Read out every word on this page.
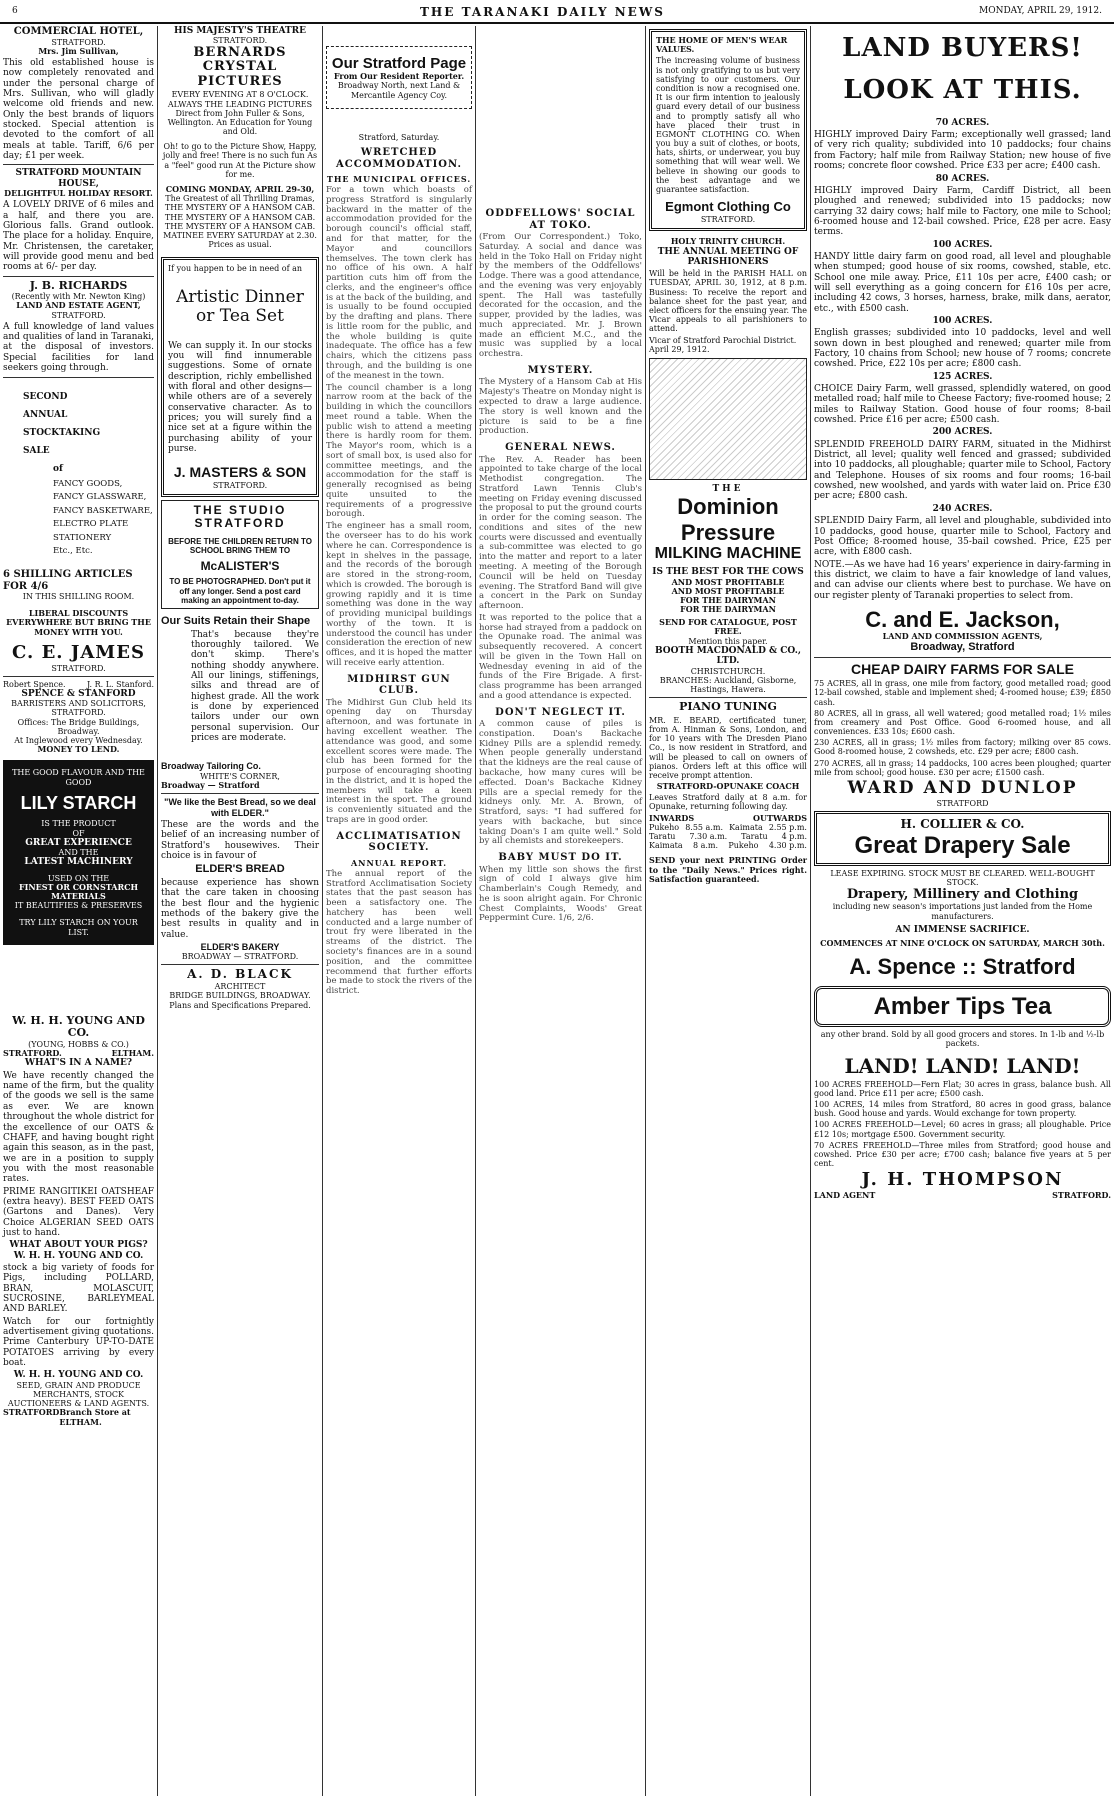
6	THE TARANAKI DAILY NEWS	MONDAY, APRIL 29, 1912.
COMMERCIAL HOTEL,
STRATFORD.
Mrs. Jim Sullivan,
This old established house is now completely renovated and under the personal charge of Mrs. Sullivan, who will gladly welcome old friends and new. Only the best brands of liquors stocked. Special attention is devoted to the comfort of all meals at table. Tariff, 6/6 per day; £1 per week.
STRATFORD MOUNTAIN HOUSE,
DELIGHTFUL HOLIDAY RESORT.
A LOVELY DRIVE of 6 miles and a half, and there you are. Glorious falls. Grand outlook. The place for a holiday. Enquire, Mr. Christensen, the caretaker, will provide good menu and bed rooms at 6/- per day.
J. B. RICHARDS
(Recently with Mr. Newton King)
LAND AND ESTATE AGENT,
STRATFORD.
A full knowledge of land values and qualities of land in Taranaki, at the disposal of investors. Special facilities for land seekers going through.
SECOND
ANNUAL
STOCKTAKING
SALE
of
FANCY GOODS,
FANCY GLASSWARE,
FANCY BASKETWARE,
ELECTRO PLATE
STATIONERY
Etc., Etc.
6 SHILLING ARTICLES FOR 4/6
IN THIS SHILLING ROOM.
LIBERAL DISCOUNTS EVERYWHERE BUT BRING THE MONEY WITH YOU.
C. E. JAMES
STRATFORD.
Robert Spence.	J. R. L. Stanford.
SPENCE & STANFORD
BARRISTERS AND SOLICITORS,
STRATFORD.
Offices: The Bridge Buildings, Broadway.
At Inglewood every Wednesday.
MONEY TO LEND.
THE GOOD FLAVOUR AND THE GOOD
LILY STARCH
IS THE PRODUCT
OF
GREAT EXPERIENCE
AND THE
LATEST MACHINERY
USED ON THE
FINEST OR CORNSTARCH MATERIALS
IT BEAUTIFIES & PRESERVES
TRY LILY STARCH ON YOUR LIST.
W. H. H. YOUNG AND CO.
(YOUNG, HOBBS & CO.)
STRATFORD.	ELTHAM.
WHAT'S IN A NAME?
We have recently changed the name of the firm, but the quality of the goods we sell is the same as ever. We are known throughout the whole district for the excellence of our OATS & CHAFF, and having bought right again this season, as in the past, we are in a position to supply you with the most reasonable rates.
PRIME RANGITIKEI OATSHEAF (extra heavy). BEST FEED OATS (Gartons and Danes). Very Choice ALGERIAN SEED OATS just to hand.
WHAT ABOUT YOUR PIGS?
W. H. H. YOUNG AND CO.
stock a big variety of foods for Pigs, including POLLARD, BRAN, MOLASCUIT, SUCROSINE, BARLEYMEAL AND BARLEY.
Watch for our fortnightly advertisement giving quotations. Prime Canterbury UP-TO-DATE POTATOES arriving by every boat.
W. H. H. YOUNG AND CO.
SEED, GRAIN AND PRODUCE MERCHANTS, STOCK AUCTIONEERS & LAND AGENTS.
STRATFORD Branch Store at ELTHAM.
HIS MAJESTY'S THEATRE
STRATFORD.
BERNARDS CRYSTAL PICTURES
EVERY EVENING AT 8 O'CLOCK. ALWAYS THE LEADING PICTURES Direct from John Fuller & Sons, Wellington. An Education for Young and Old.
Oh! to go to the Picture Show, Happy, jolly and free! There is no such fun As a "feel" good run At the Picture show for me.
COMING MONDAY, APRIL 29-30,
The Greatest of all Thrilling Dramas, THE MYSTERY OF A HANSOM CAB. THE MYSTERY OF A HANSOM CAB. THE MYSTERY OF A HANSOM CAB. MATINEE EVERY SATURDAY at 2.30. Prices as usual.
If you happen to be in need of an
Artistic Dinner or Tea Set
We can supply it. In our stocks you will find innumerable suggestions. Some of ornate description, richly embellished with floral and other designs—while others are of a severely conservative character. As to prices; you will surely find a nice set at a figure within the purchasing ability of your purse.
J. MASTERS & SON
STRATFORD.
THE STUDIO STRATFORD
BEFORE THE CHILDREN RETURN TO SCHOOL BRING THEM TO
McALISTER'S
TO BE PHOTOGRAPHED. Don't put it off any longer. Send a post card making an appointment to-day.
Our Suits Retain their Shape
That's because they're thoroughly tailored. We don't skimp. There's nothing shoddy anywhere. All our linings, stiffenings, silks and thread are of highest grade. All the work is done by experienced tailors under our own personal supervision. Our prices are moderate.
Broadway Tailoring Co.
WHITE'S CORNER,
Broadway — Stratford
"We like the Best Bread, so we deal with ELDER."
These are the words and the belief of an increasing number of Stratford's housewives. Their choice is in favour of
ELDER'S BREAD
because experience has shown that the care taken in choosing the best flour and the hygienic methods of the bakery give the best results in quality and in value.
ELDER'S BAKERY
BROADWAY — STRATFORD.
A. D. BLACK
ARCHITECT
BRIDGE BUILDINGS, BROADWAY.
Plans and Specifications Prepared.
Our Stratford Page
From Our Resident Reporter.
Broadway North, next Land & Mercantile Agency Coy.
Stratford, Saturday.
WRETCHED ACCOMMODATION.
THE MUNICIPAL OFFICES.
For a town which boasts of progress Stratford is singularly backward in the matter of the accommodation provided for the borough council's official staff, and for that matter, for the Mayor and councillors themselves. The town clerk has no office of his own. A half partition cuts him off from the clerks, and the engineer's office is at the back of the building, and is usually to be found occupied by the drafting and plans. There is little room for the public, and the whole building is quite inadequate. The office has a few chairs, which the citizens pass through, and the building is one of the meanest in the town.
The council chamber is a long narrow room at the back of the building in which the councillors meet round a table. When the public wish to attend a meeting there is hardly room for them. The Mayor's room, which is a sort of small box, is used also for committee meetings, and the accommodation for the staff is generally recognised as being quite unsuited to the requirements of a progressive borough.
The engineer has a small room, the overseer has to do his work where he can. Correspondence is kept in shelves in the passage, and the records of the borough are stored in the strong-room, which is crowded. The borough is growing rapidly and it is time something was done in the way of providing municipal buildings worthy of the town. It is understood the council has under consideration the erection of new offices, and it is hoped the matter will receive early attention.
MIDHIRST GUN CLUB.
The Midhirst Gun Club held its opening day on Thursday afternoon, and was fortunate in having excellent weather. The attendance was good, and some excellent scores were made. The club has been formed for the purpose of encouraging shooting in the district, and it is hoped the members will take a keen interest in the sport. The ground is conveniently situated and the traps are in good order.
ACCLIMATISATION SOCIETY.
ANNUAL REPORT.
The annual report of the Stratford Acclimatisation Society states that the past season has been a satisfactory one. The hatchery has been well conducted and a large number of trout fry were liberated in the streams of the district. The society's finances are in a sound position, and the committee recommend that further efforts be made to stock the rivers of the district.
ODDFELLOWS' SOCIAL AT TOKO.
(From Our Correspondent.) Toko, Saturday. A social and dance was held in the Toko Hall on Friday night by the members of the Oddfellows' Lodge. There was a good attendance, and the evening was very enjoyably spent. The Hall was tastefully decorated for the occasion, and the supper, provided by the ladies, was much appreciated. Mr. J. Brown made an efficient M.C., and the music was supplied by a local orchestra.
MYSTERY.
The Mystery of a Hansom Cab at His Majesty's Theatre on Monday night is expected to draw a large audience. The story is well known and the picture is said to be a fine production.
GENERAL NEWS.
The Rev. A. Reader has been appointed to take charge of the local Methodist congregation. The Stratford Lawn Tennis Club's meeting on Friday evening discussed the proposal to put the ground courts in order for the coming season. The conditions and sites of the new courts were discussed and eventually a sub-committee was elected to go into the matter and report to a later meeting. A meeting of the Borough Council will be held on Tuesday evening. The Stratford Band will give a concert in the Park on Sunday afternoon.
It was reported to the police that a horse had strayed from a paddock on the Opunake road. The animal was subsequently recovered. A concert will be given in the Town Hall on Wednesday evening in aid of the funds of the Fire Brigade. A first-class programme has been arranged and a good attendance is expected.
DON'T NEGLECT IT.
A common cause of piles is constipation. Doan's Backache Kidney Pills are a splendid remedy. When people generally understand that the kidneys are the real cause of backache, how many cures will be effected. Doan's Backache Kidney Pills are a special remedy for the kidneys only. Mr. A. Brown, of Stratford, says: "I had suffered for years with backache, but since taking Doan's I am quite well." Sold by all chemists and storekeepers.
BABY MUST DO IT.
When my little son shows the first sign of cold I always give him Chamberlain's Cough Remedy, and he is soon alright again. For Chronic Chest Complaints, Woods' Great Peppermint Cure. 1/6, 2/6.
THE HOME OF MEN'S WEAR VALUES.
The increasing volume of business is not only gratifying to us but very satisfying to our customers. Our condition is now a recognised one. It is our firm intention to jealously guard every detail of our business and to promptly satisfy all who have placed their trust in EGMONT CLOTHING CO. When you buy a suit of clothes, or boots, hats, shirts, or underwear, you buy something that will wear well. We believe in showing our goods to the best advantage and we guarantee satisfaction.
Egmont Clothing Co
STRATFORD.
HOLY TRINITY CHURCH.
THE ANNUAL MEETING OF PARISHIONERS
Will be held in the PARISH HALL on TUESDAY, APRIL 30, 1912, at 8 p.m. Business: To receive the report and balance sheet for the past year, and elect officers for the ensuing year. The Vicar appeals to all parishioners to attend.
Vicar of Stratford Parochial District.
April 29, 1912.
THE
Dominion
Pressure
MILKING MACHINE
IS THE BEST FOR THE COWS
AND MOST PROFITABLE
AND MOST PROFITABLE
FOR THE DAIRYMAN
FOR THE DAIRYMAN
SEND FOR CATALOGUE, POST FREE.
Mention this paper.
BOOTH MACDONALD & CO., LTD.
CHRISTCHURCH.
BRANCHES: Auckland, Gisborne, Hastings, Hawera.
PIANO TUNING
MR. E. BEARD, certificated tuner, from A. Hinman & Sons, London, and for 10 years with The Dresden Piano Co., is now resident in Stratford, and will be pleased to call on owners of pianos. Orders left at this office will receive prompt attention.
STRATFORD-OPUNAKE COACH
Leaves Stratford daily at 8 a.m. for Opunake, returning following day.
INWARDS	OUTWARDS
Pukeho 8.55 a.m. Kaimata 2.55 p.m.
Taratu 7.30 a.m. Taratu 4 p.m.
Kaimata 8 a.m. Pukeho 4.30 p.m.
SEND your next PRINTING Order to the "Daily News." Prices right. Satisfaction guaranteed.
LAND BUYERS!
LOOK AT THIS.
70 ACRES.
HIGHLY improved Dairy Farm; exceptionally well grassed; land of very rich quality; subdivided into 10 paddocks; four chains from Factory; half mile from Railway Station; new house of five rooms; concrete floor cowshed. Price £33 per acre; £400 cash.
80 ACRES.
HIGHLY improved Dairy Farm, Cardiff District, all been ploughed and renewed; subdivided into 15 paddocks; now carrying 32 dairy cows; half mile to Factory, one mile to School; 6-roomed house and 12-bail cowshed. Price, £28 per acre. Easy terms.
100 ACRES.
HANDY little dairy farm on good road, all level and ploughable when stumped; good house of six rooms, cowshed, stable, etc. School one mile away. Price, £11 10s per acre, £400 cash; or will sell everything as a going concern for £16 10s per acre, including 42 cows, 3 horses, harness, brake, milk dans, aerator, etc., with £500 cash.
100 ACRES.
English grasses; subdivided into 10 paddocks, level and well sown down in best ploughed and renewed; quarter mile from Factory, 10 chains from School; new house of 7 rooms; concrete cowshed. Price, £22 10s per acre; £800 cash.
125 ACRES.
CHOICE Dairy Farm, well grassed, splendidly watered, on good metalled road; half mile to Cheese Factory; five-roomed house; 2 miles to Railway Station. Good house of four rooms; 8-bail cowshed. Price £16 per acre; £500 cash.
200 ACRES.
SPLENDID FREEHOLD DAIRY FARM, situated in the Midhirst District, all level; quality well fenced and grassed; subdivided into 10 paddocks, all ploughable; quarter mile to School, Factory and Telephone. Houses of six rooms and four rooms; 16-bail cowshed, new woolshed, and yards with water laid on. Price £30 per acre; £800 cash.
240 ACRES.
SPLENDID Dairy Farm, all level and ploughable, subdivided into 10 paddocks, good house, quarter mile to School, Factory and Post Office; 8-roomed house, 35-bail cowshed. Price, £25 per acre, with £800 cash.
NOTE.—As we have had 16 years' experience in dairy-farming in this district, we claim to have a fair knowledge of land values, and can advise our clients where best to purchase. We have on our register plenty of Taranaki properties to select from.
C. and E. Jackson,
LAND AND COMMISSION AGENTS,
Broadway, Stratford
CHEAP DAIRY FARMS FOR SALE
75 ACRES, all in grass, one mile from factory, good metalled road; good 12-bail cowshed, stable and implement shed; 4-roomed house; £39; £850 cash.
80 ACRES, all in grass, all well watered; good metalled road; 1½ miles from creamery and Post Office. Good 6-roomed house, and all conveniences. £33 10s; £600 cash.
230 ACRES, all in grass; 1½ miles from factory; milking over 85 cows. Good 8-roomed house, 2 cowsheds, etc. £29 per acre; £800 cash.
270 ACRES, all in grass; 14 paddocks, 100 acres been ploughed; quarter mile from school; good house. £30 per acre; £1500 cash.
WARD AND DUNLOP
STRATFORD
H. COLLIER & CO.
Great Drapery Sale
LEASE EXPIRING. STOCK MUST BE CLEARED. WELL-BOUGHT STOCK.
Drapery, Millinery and Clothing
including new season's importations just landed from the Home manufacturers.
AN IMMENSE SACRIFICE.
COMMENCES AT NINE O'CLOCK ON SATURDAY, MARCH 30th.
A. Spence :: Stratford
Amber Tips Tea
any other brand. Sold by all good grocers and stores. In 1-lb and ½-lb packets.
LAND! LAND! LAND!
100 ACRES FREEHOLD—Fern Flat; 30 acres in grass, balance bush. All good land. Price £11 per acre; £500 cash.
100 ACRES, 14 miles from Stratford, 80 acres in good grass, balance bush. Good house and yards. Would exchange for town property.
100 ACRES FREEHOLD—Level; 60 acres in grass; all ploughable. Price £12 10s; mortgage £500. Government security.
70 ACRES FREEHOLD—Three miles from Stratford; good house and cowshed. Price £30 per acre; £700 cash; balance five years at 5 per cent.
J. H. THOMPSON
LAND AGENT	STRATFORD.
